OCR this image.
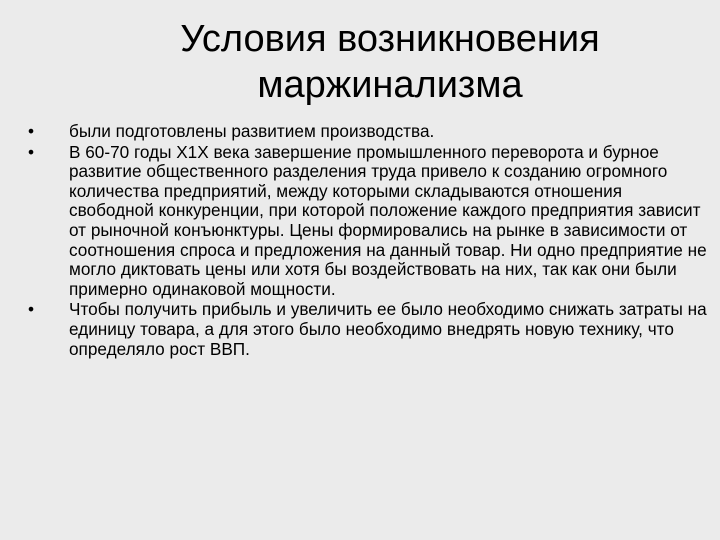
Условия возникновения
маржинализма
•	были подготовлены развитием производства.
•	В 60-70 годы Х1Х века завершение промышленного переворота и бурное развитие общественного разделения труда привело к созданию огромного количества предприятий, между которыми складываются отношения свободной конкуренции, при которой положение каждого предприятия зависит от рыночной конъюнктуры. Цены формировались на рынке в зависимости от соотношения спроса и предложения на данный товар. Ни одно предприятие не могло диктовать цены или хотя бы воздействовать на них, так как они были примерно одинаковой мощности.
•	Чтобы получить прибыль и увеличить ее было необходимо снижать затраты на единицу товара, а для этого было необходимо внедрять новую технику, что определяло рост ВВП.
